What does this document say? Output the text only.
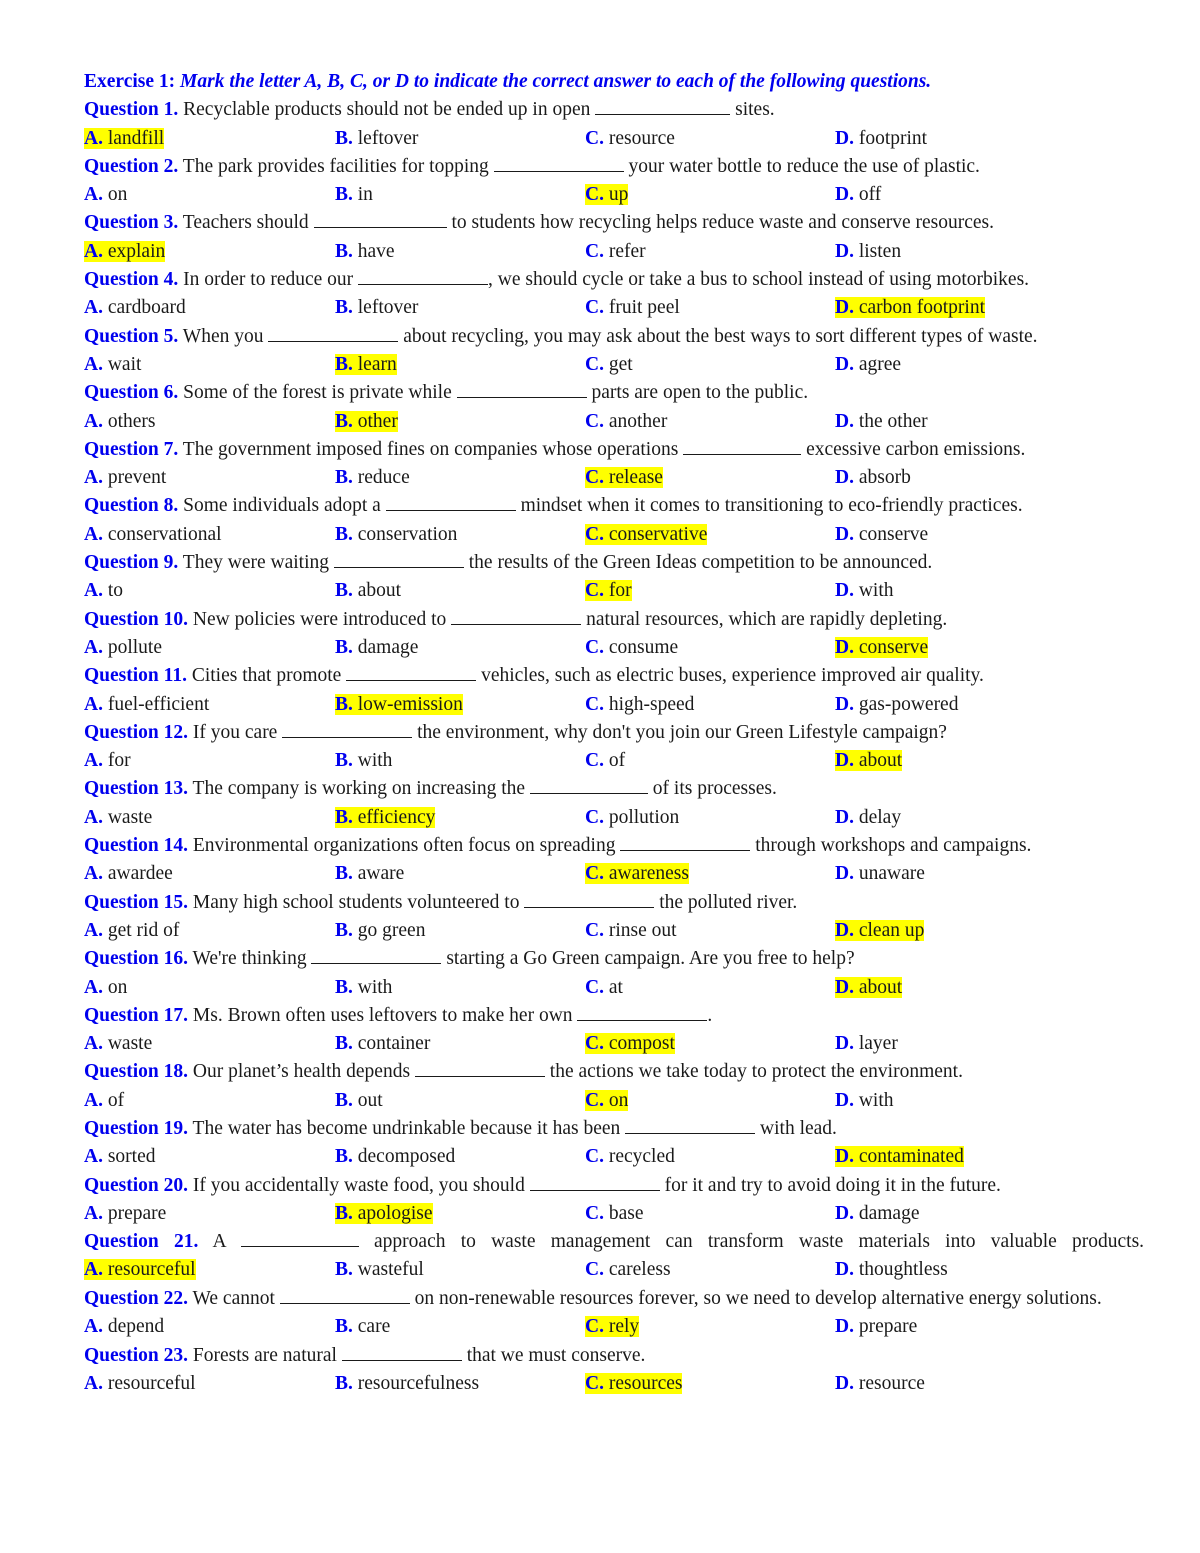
Exercise 1: Mark the letter A, B, C, or D to indicate the correct answer to each of the following questions.
Question 1. Recyclable products should not be ended up in open	sites.
A. landfill	B. leftover	C. resource	D. footprint
Question 2. The park provides facilities for topping	your water bottle to reduce the use of plastic.
A. on	B. in	C. up	D. off
Question 3. Teachers should	to students how recycling helps reduce waste and conserve resources.
A. explain	B. have	C. refer	D. listen
Question 4. In order to reduce our	, we should cycle or take a bus to school instead of using motorbikes.
A. cardboard	B. leftover	C. fruit peel	D. carbon footprint
Question 5. When you	about recycling, you may ask about the best ways to sort different types of waste.
A. wait	B. learn	C. get	D. agree
Question 6. Some of the forest is private while	parts are open to the public.
A. others	B. other	C. another	D. the other
Question 7. The government imposed fines on companies whose operations	excessive carbon emissions.
A. prevent	B. reduce	C. release	D. absorb
Question 8. Some individuals adopt a	mindset when it comes to transitioning to eco-friendly practices.
A. conservational	B. conservation	C. conservative	D. conserve
Question 9. They were waiting	the results of the Green Ideas competition to be announced.
A. to	B. about	C. for	D. with
Question 10. New policies were introduced to	natural resources, which are rapidly depleting.
A. pollute	B. damage	C. consume	D. conserve
Question 11. Cities that promote	vehicles, such as electric buses, experience improved air quality.
A. fuel-efficient	B. low-emission	C. high-speed	D. gas-powered
Question 12. If you care	the environment, why don't you join our Green Lifestyle campaign?
A. for	B. with	C. of	D. about
Question 13. The company is working on increasing the	of its processes.
A. waste	B. efficiency	C. pollution	D. delay
Question 14. Environmental organizations often focus on spreading	through workshops and campaigns.
A. awardee	B. aware	C. awareness	D. unaware
Question 15. Many high school students volunteered to	the polluted river.
A. get rid of	B. go green	C. rinse out	D. clean up
Question 16. We're thinking	starting a Go Green campaign. Are you free to help?
A. on	B. with	C. at	D. about
Question 17. Ms. Brown often uses leftovers to make her own	.
A. waste	B. container	C. compost	D. layer
Question 18. Our planet’s health depends	the actions we take today to protect the environment.
A. of	B. out	C. on	D. with
Question 19. The water has become undrinkable because it has been	with lead.
A. sorted	B. decomposed	C. recycled	D. contaminated
Question 20. If you accidentally waste food, you should	for it and try to avoid doing it in the future.
A. prepare	B. apologise	C. base	D. damage
Question 21. A	approach to waste management can transform waste materials into valuable products.
A. resourceful	B. wasteful	C. careless	D. thoughtless
Question 22. We cannot	on non-renewable resources forever, so we need to develop alternative energy solutions.
A. depend	B. care	C. rely	D. prepare
Question 23. Forests are natural	that we must conserve.
A. resourceful	B. resourcefulness	C. resources	D. resource
